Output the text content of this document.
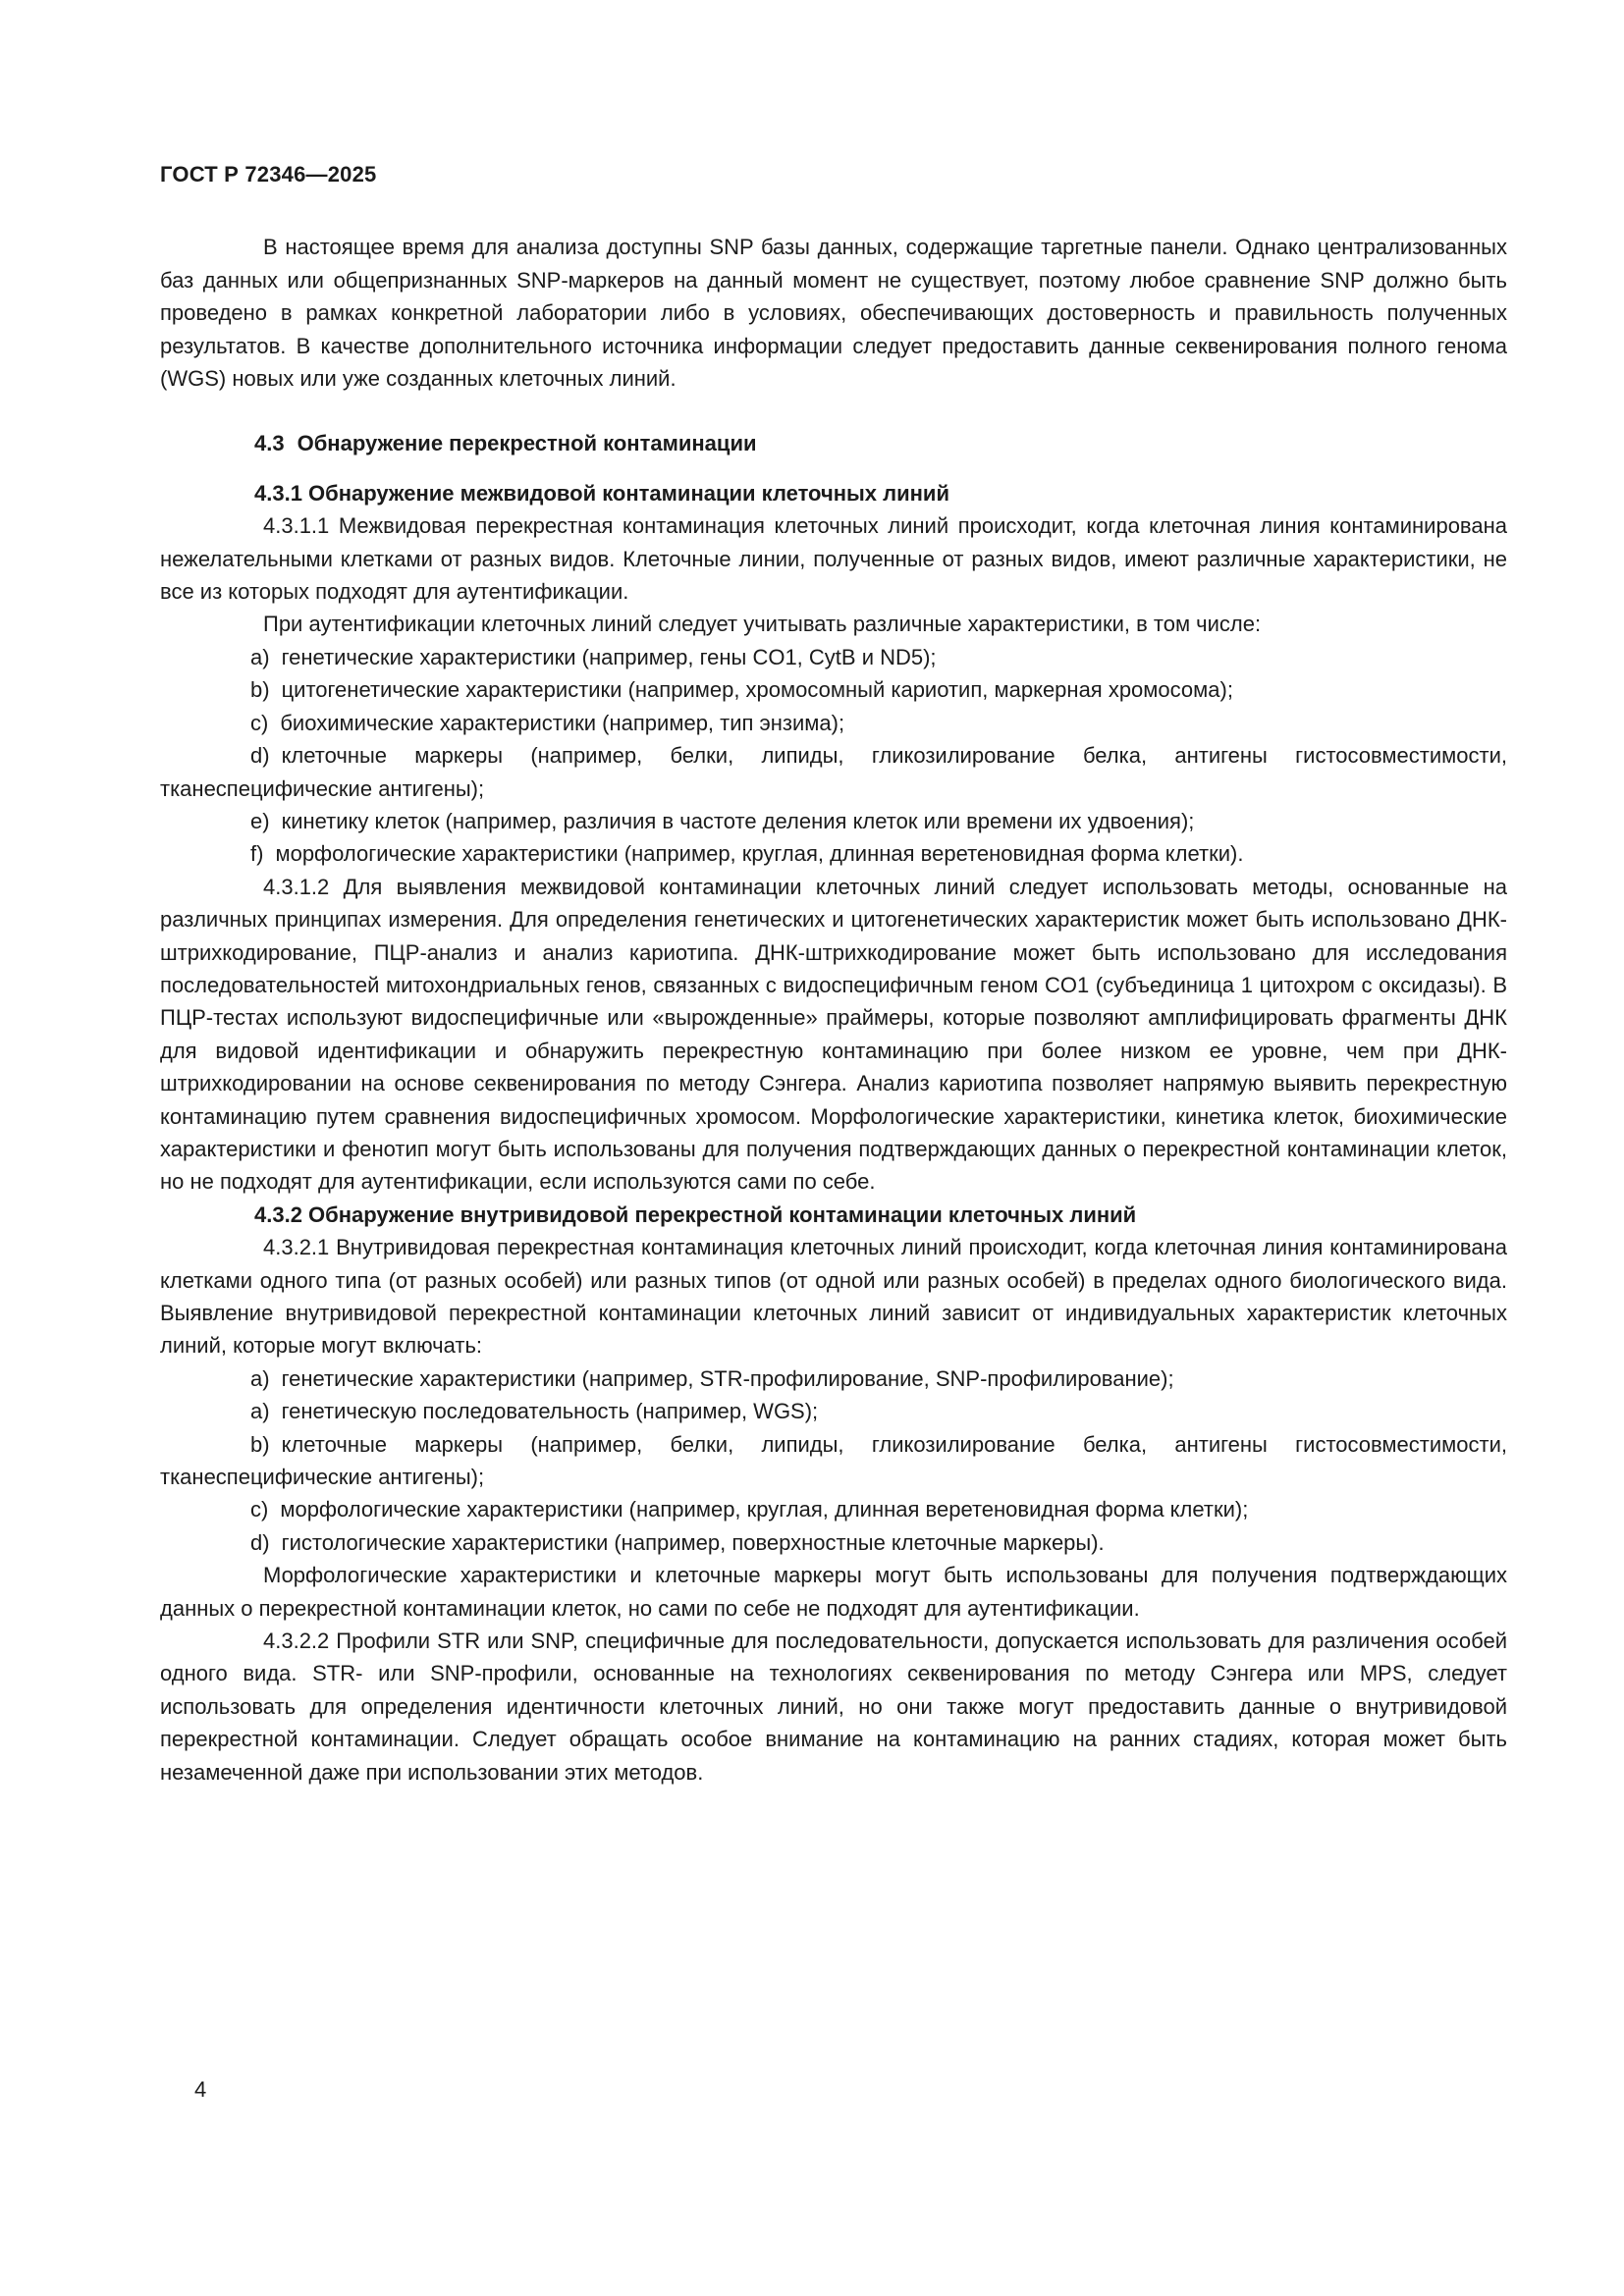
ГОСТ Р 72346—2025

В настоящее время для анализа доступны SNP базы данных, содержащие таргетные панели. Однако централизованных баз данных или общепризнанных SNP-маркеров на данный момент не существует, поэтому любое сравнение SNP должно быть проведено в рамках конкретной лаборатории либо в условиях, обеспечивающих достоверность и правильность полученных результатов. В качестве дополнительного источника информации следует предоставить данные секвенирования полного генома (WGS) новых или уже созданных клеточных линий.

4.3 Обнаружение перекрестной контаминации
4.3.1 Обнаружение межвидовой контаминации клеточных линий

4.3.1.1 Межвидовая перекрестная контаминация клеточных линий происходит, когда клеточная линия контаминирована нежелательными клетками от разных видов. Клеточные линии, полученные от разных видов, имеют различные характеристики, не все из которых подходят для аутентификации.

При аутентификации клеточных линий следует учитывать различные характеристики, в том числе:

a) генетические характеристики (например, гены CO1, CytB и ND5);

b) цитогенетические характеристики (например, хромосомный кариотип, маркерная хромосома);

c) биохимические характеристики (например, тип энзима);

d) клеточные маркеры (например, белки, липиды, гликозилирование белка, антигены гистосовместимости, тканеспецифические антигены);

e) кинетику клеток (например, различия в частоте деления клеток или времени их удвоения);

f) морфологические характеристики (например, круглая, длинная веретеновидная форма клетки).

4.3.1.2 Для выявления межвидовой контаминации клеточных линий следует использовать методы, основанные на различных принципах измерения. Для определения генетических и цитогенетических характеристик может быть использовано ДНК-штрихкодирование, ПЦР-анализ и анализ кариотипа. ДНК-штрихкодирование может быть использовано для исследования последовательностей митохондриальных генов, связанных с видоспецифичным геном CO1 (субъединица 1 цитохром с оксидазы). В ПЦР-тестах используют видоспецифичные или «вырожденные» праймеры, которые позволяют амплифицировать фрагменты ДНК для видовой идентификации и обнаружить перекрестную контаминацию при более низком ее уровне, чем при ДНК-штрихкодировании на основе секвенирования по методу Сэнгера. Анализ кариотипа позволяет напрямую выявить перекрестную контаминацию путем сравнения видоспецифичных хромосом. Морфологические характеристики, кинетика клеток, биохимические характеристики и фенотип могут быть использованы для получения подтверждающих данных о перекрестной контаминации клеток, но не подходят для аутентификации, если используются сами по себе.

4.3.2 Обнаружение внутривидовой перекрестной контаминации клеточных линий

4.3.2.1 Внутривидовая перекрестная контаминация клеточных линий происходит, когда клеточная линия контаминирована клетками одного типа (от разных особей) или разных типов (от одной или разных особей) в пределах одного биологического вида. Выявление внутривидовой перекрестной контаминации клеточных линий зависит от индивидуальных характеристик клеточных линий, которые могут включать:

a) генетические характеристики (например, STR-профилирование, SNP-профилирование);

a) генетическую последовательность (например, WGS);

b) клеточные маркеры (например, белки, липиды, гликозилирование белка, антигены гистосовместимости, тканеспецифические антигены);

c) морфологические характеристики (например, круглая, длинная веретеновидная форма клетки);

d) гистологические характеристики (например, поверхностные клеточные маркеры).

Морфологические характеристики и клеточные маркеры могут быть использованы для получения подтверждающих данных о перекрестной контаминации клеток, но сами по себе не подходят для аутентификации.

4.3.2.2 Профили STR или SNP, специфичные для последовательности, допускается использовать для различения особей одного вида. STR- или SNP-профили, основанные на технологиях секвенирования по методу Сэнгера или MPS, следует использовать для определения идентичности клеточных линий, но они также могут предоставить данные о внутривидовой перекрестной контаминации. Следует обращать особое внимание на контаминацию на ранних стадиях, которая может быть незамеченной даже при использовании этих методов.

4
